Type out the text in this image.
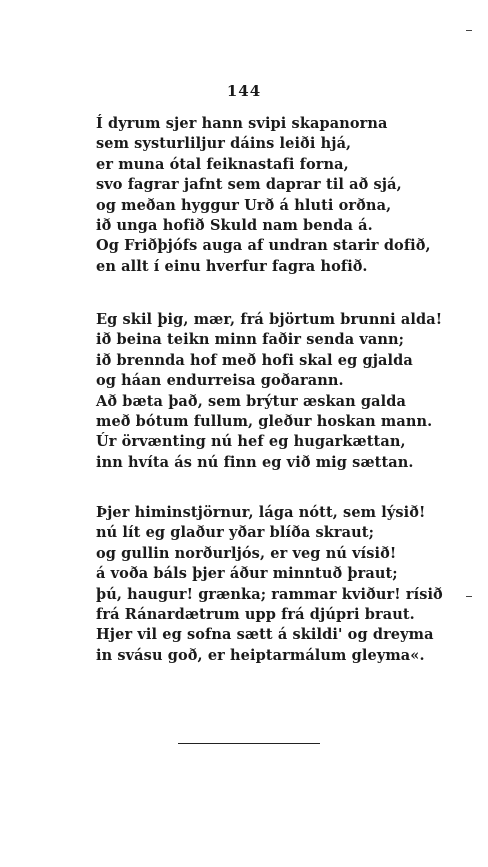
144
Í dyrum sjer hann svipi skapanorna
sem systurliljur dáins leiði hjá,
er muna ótal feiknastafi forna,
svo fagrar jafnt sem daprar til að sjá,
og meðan hyggur Urð á hluti orðna,
ið unga hofið Skuld nam benda á.
Og Friðþjófs auga af undran starir dofið,
en allt í einu hverfur fagra hofið.
Eg skil þig, mær, frá björtum brunni alda!
ið beina teikn minn faðir senda vann;
ið brennda hof með hofi skal eg gjalda
og háan endurreisa goðarann.
Að bæta það, sem brýtur æskan galda
með bótum fullum, gleður hoskan mann.
Úr örvænting nú hef eg hugarkættan,
inn hvíta ás nú finn eg við mig sættan.
Þjer himinstjörnur, lága nótt, sem lýsið!
nú lít eg glaður yðar blíða skraut;
og gullin norðurljós, er veg nú vísið!
á voða báls þjer áður minntuð þraut;
þú, haugur! grænka; rammar kviður! rísið
frá Ránardætrum upp frá djúpri braut.
Hjer vil eg sofna sætt á skildi' og dreyma
in svásu goð, er heiptarmálum gleyma«.
